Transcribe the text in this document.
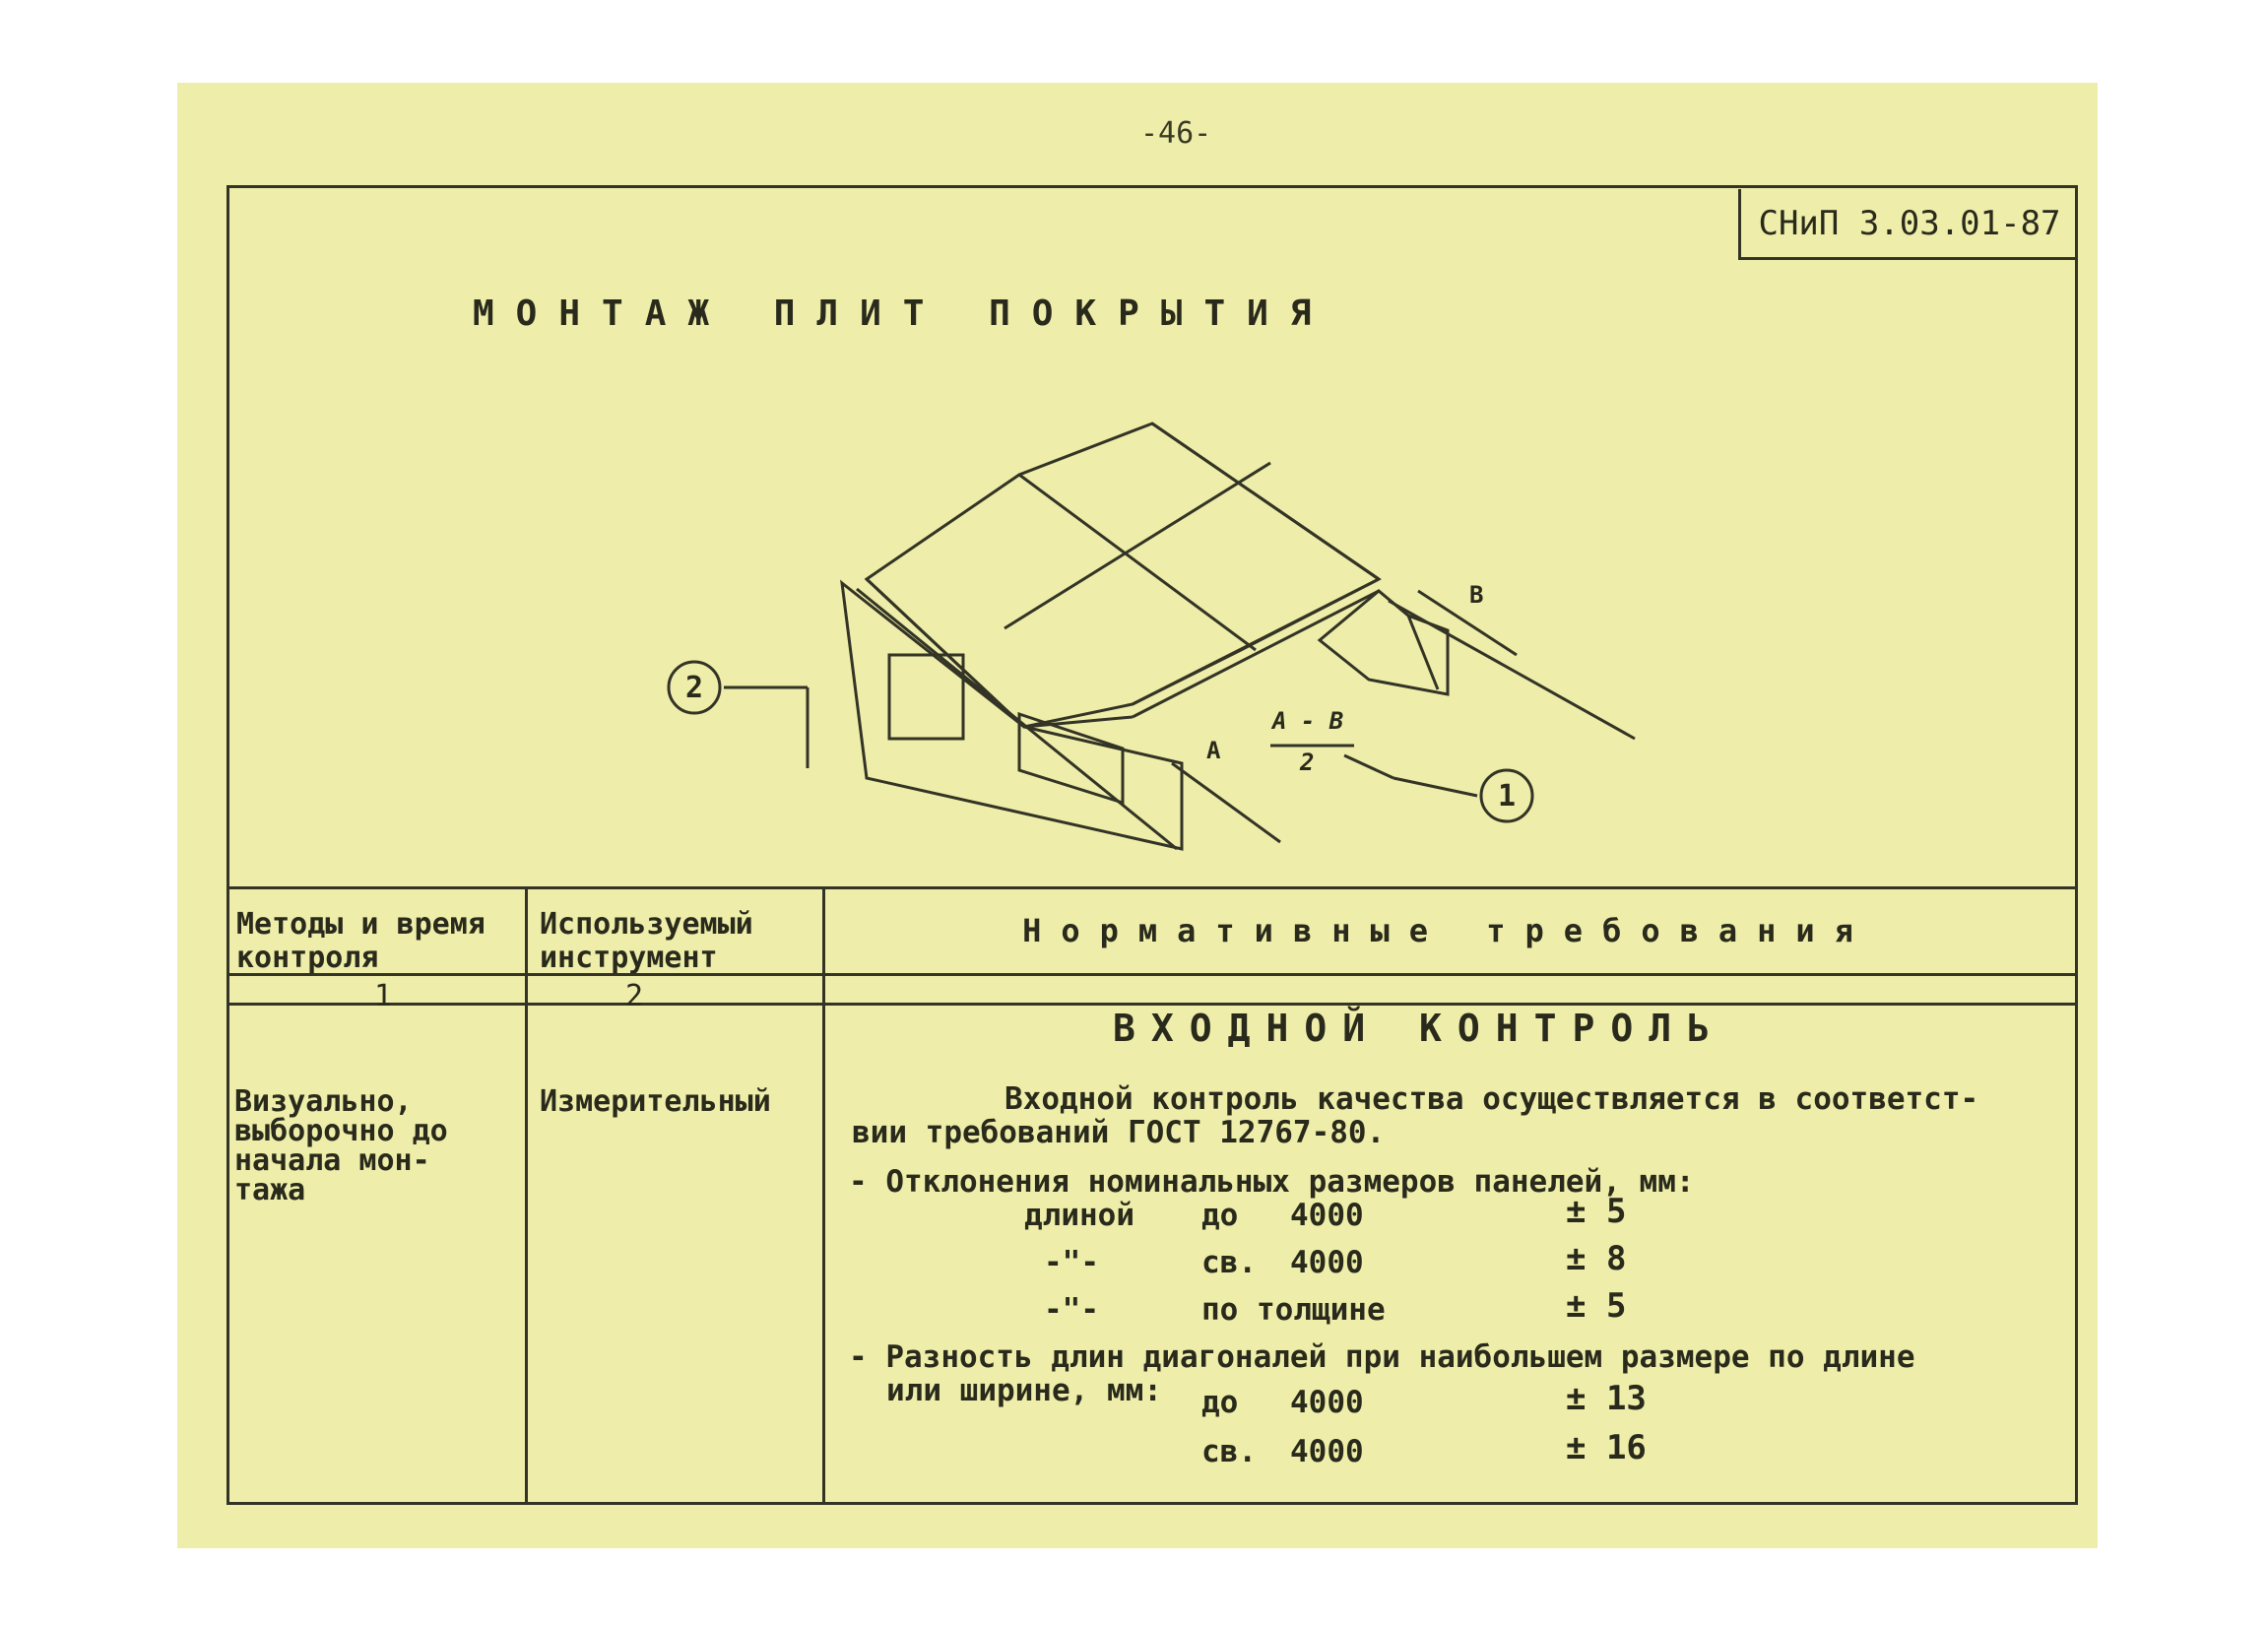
-46-
СНиП 3.03.01-87
МОНТАЖ ПЛИТ ПОКРЫТИЯ
2
1
A
B
A - B
2
Методы и время контроля
Используемый инструмент
Нормативные требования
1	2
ВХОДНОЙ КОНТРОЛЬ
Визуально, выборочно до начала мон- тажа
Измерительный	Входной контроль качества осуществляется в соответст-
вии требований ГОСТ 12767-80.
- Отклонения номинальных размеров панелей, мм:
длиной до 4000	± 5
-"-	св. 4000	± 8
-"-	по толщине	± 5
- Разность длин диагоналей при наибольшем размере по длине
или ширине, мм: до 4000	± 13
св. 4000	± 16
